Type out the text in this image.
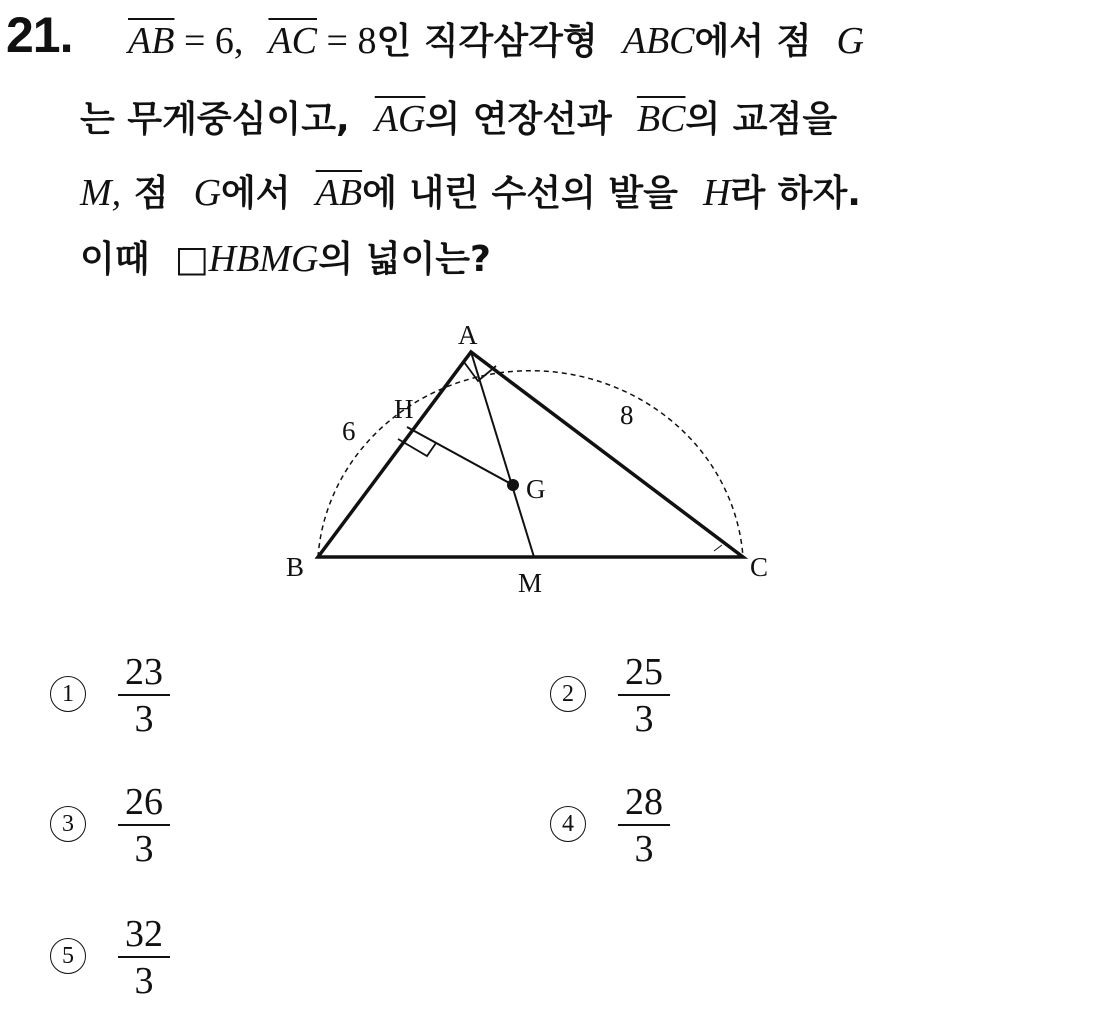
21. $\overline{AB} = 6$, $\overline{AC} = 8$인 직각삼각형 ABC에서 점 G
는 무게중심이고, $\overline{AG}$의 연장선과 $\overline{BC}$의 교점을
M, 점 G에서 $\overline{AB}$에 내린 수선의 발을 H라 하자.
이때 □HBMG의 넓이는?
A
B	C
H
G
M
6
8
1
23
3
2
25
3
3
26
3
4
28
3
5
32
3
